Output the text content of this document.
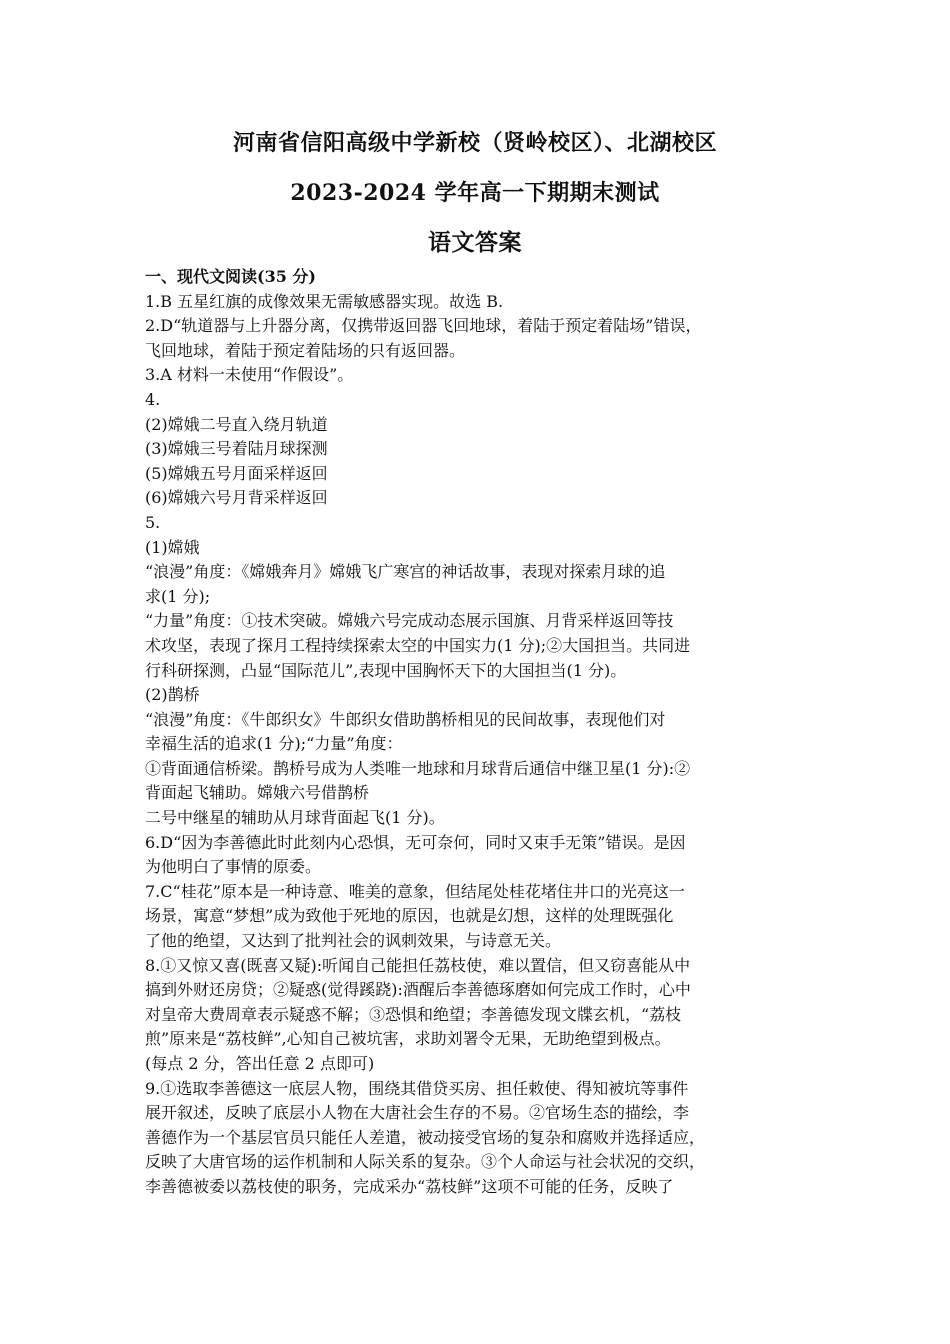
河南省信阳高级中学新校（贤岭校区）、北湖校区
2023-2024 学年高一下期期末测试
语文答案
一、现代文阅读(35 分)
1.B 五星红旗的成像效果无需敏感器实现。故选 B.
2.D“轨道器与上升器分离，仅携带返回器飞回地球，着陆于预定着陆场”错误，
飞回地球，着陆于预定着陆场的只有返回器。
3.A 材料一未使用“作假设”。
4.
(2)嫦娥二号直入绕月轨道
(3)嫦娥三号着陆月球探测
(5)嫦娥五号月面采样返回
(6)嫦娥六号月背采样返回
5.
(1)嫦娥
“浪漫”角度：《嫦娥奔月》嫦娥飞广寒宫的神话故事，表现对探索月球的追
求(1 分);
“力量”角度：①技术突破。嫦娥六号完成动态展示国旗、月背采样返回等技
术攻坚，表现了探月工程持续探索太空的中国实力(1 分);②大国担当。共同进
行科研探测，凸显“国际范儿”,表现中国胸怀天下的大国担当(1 分)。
(2)鹊桥
“浪漫”角度：《牛郎织女》牛郎织女借助鹊桥相见的民间故事，表现他们对
幸福生活的追求(1 分);“力量”角度：
①背面通信桥梁。鹊桥号成为人类唯一地球和月球背后通信中继卫星(1 分):②
背面起飞辅助。嫦娥六号借鹊桥
二号中继星的辅助从月球背面起飞(1 分)。
6.D“因为李善德此时此刻内心恐惧，无可奈何，同时又束手无策”错误。是因
为他明白了事情的原委。
7.C“桂花”原本是一种诗意、唯美的意象，但结尾处桂花堵住井口的光亮这一
场景，寓意“梦想”成为致他于死地的原因，也就是幻想，这样的处理既强化
了他的绝望，又达到了批判社会的讽刺效果，与诗意无关。
8.①又惊又喜(既喜又疑):听闻自己能担任荔枝使，难以置信，但又窃喜能从中
搞到外财还房贷；②疑惑(觉得蹊跷):酒醒后李善德琢磨如何完成工作时，心中
对皇帝大费周章表示疑惑不解；③恐惧和绝望；李善德发现文牒玄机，“荔枝
煎”原来是“荔枝鲜”,心知自己被坑害，求助刘署令无果，无助绝望到极点。
(每点 2 分，答出任意 2 点即可)
9.①选取李善德这一底层人物，围绕其借贷买房、担任敕使、得知被坑等事件
展开叙述，反映了底层小人物在大唐社会生存的不易。②官场生态的描绘，李
善德作为一个基层官员只能任人差遣，被动接受官场的复杂和腐败并选择适应，
反映了大唐官场的运作机制和人际关系的复杂。③个人命运与社会状况的交织，
李善德被委以荔枝使的职务，完成采办“荔枝鲜”这项不可能的任务，反映了
